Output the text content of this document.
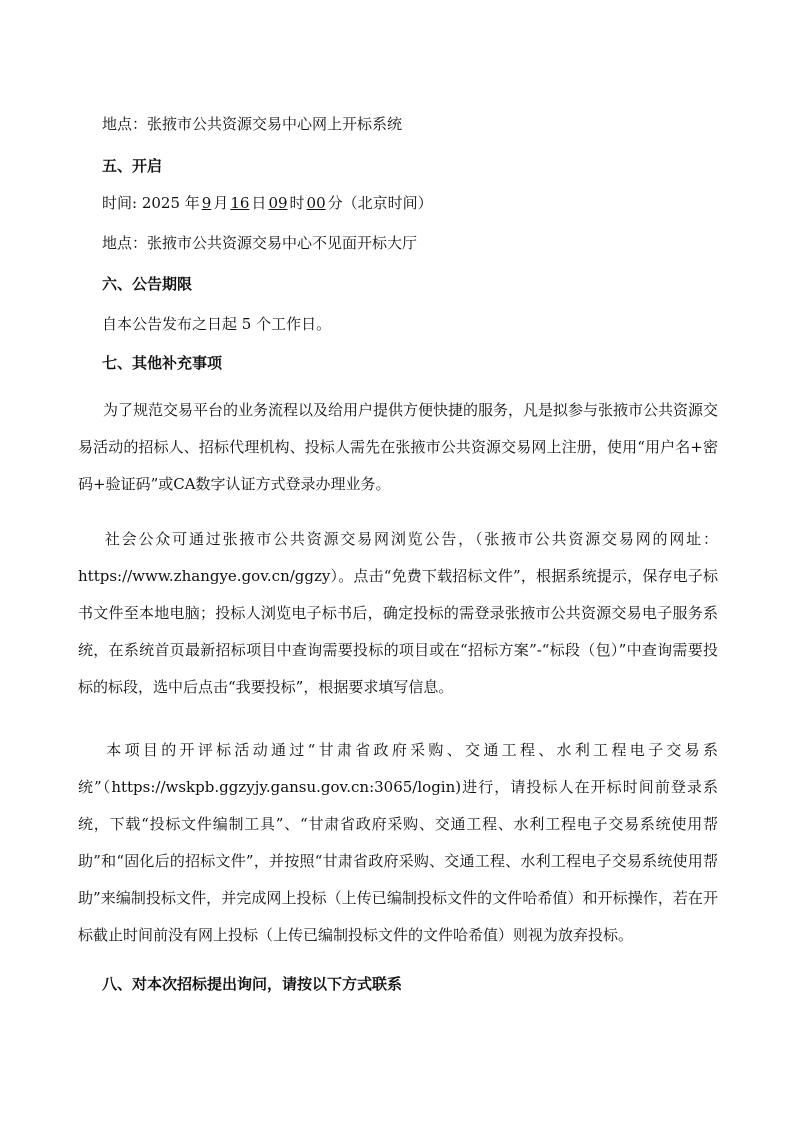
地点：张掖市公共资源交易中心网上开标系统
五、开启
时间: 2025 年 9 月 16 日 09 时 00 分（北京时间）
地点：张掖市公共资源交易中心不见面开标大厅
六、公告期限
自本公告发布之日起 5 个工作日。
七、其他补充事项
为了规范交易平台的业务流程以及给用户提供方便快捷的服务，凡是拟参与张掖市公共资源交易活动的招标人、招标代理机构、投标人需先在张掖市公共资源交易网上注册，使用“用户名+密码+验证码”或CA数字认证方式登录办理业务。
社会公众可通过张掖市公共资源交易网浏览公告，（张掖市公共资源交易网的网址：https://www.zhangye.gov.cn/ggzy）。点击“免费下载招标文件”，根据系统提示，保存电子标书文件至本地电脑；投标人浏览电子标书后，确定投标的需登录张掖市公共资源交易电子服务系统，在系统首页最新招标项目中查询需要投标的项目或在“招标方案”-“标段（包）”中查询需要投标的标段，选中后点击“我要投标”，根据要求填写信息。
本项目的开评标活动通过“甘肃省政府采购、交通工程、水利工程电子交易系统”（https://wskpb.ggzyjy.gansu.gov.cn:3065/login)进行，请投标人在开标时间前登录系统，下载“投标文件编制工具”、“甘肃省政府采购、交通工程、水利工程电子交易系统使用帮助”和“固化后的招标文件”，并按照“甘肃省政府采购、交通工程、水利工程电子交易系统使用帮助”来编制投标文件，并完成网上投标（上传已编制投标文件的文件哈希值）和开标操作，若在开标截止时间前没有网上投标（上传已编制投标文件的文件哈希值）则视为放弃投标。
八、对本次招标提出询问，请按以下方式联系
